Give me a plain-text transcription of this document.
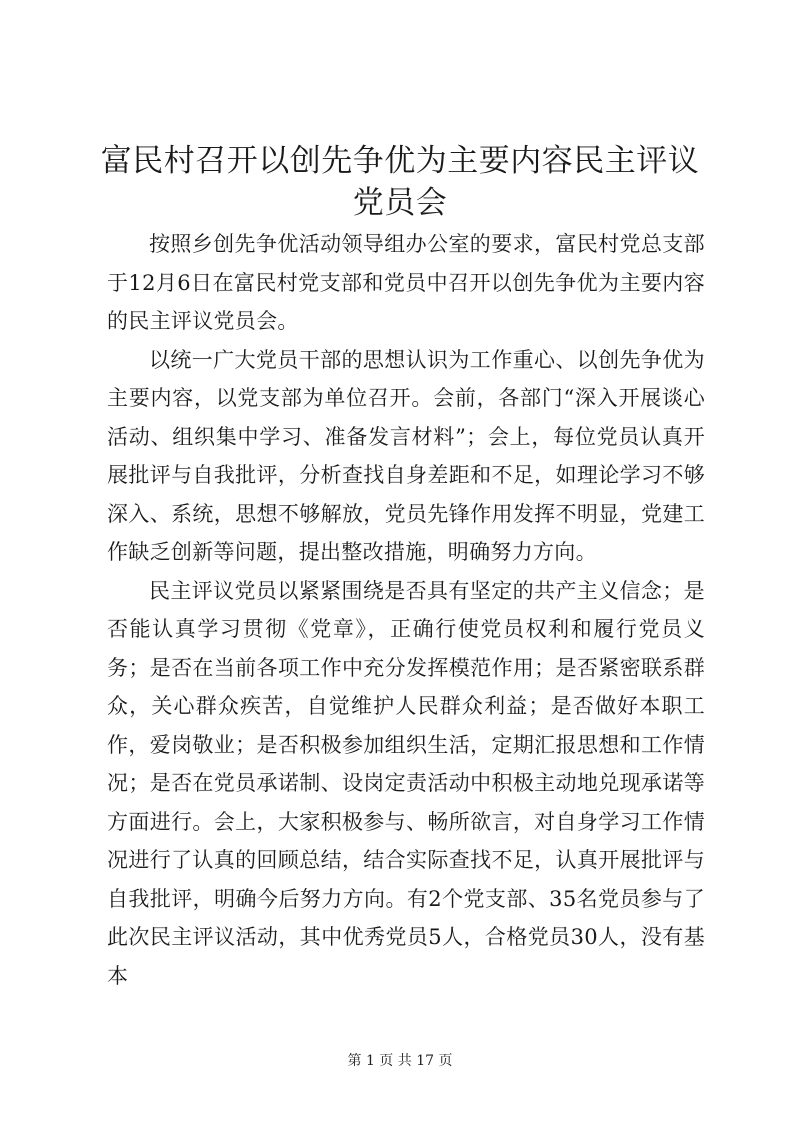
富民村召开以创先争优为主要内容民主评议党员会

按照乡创先争优活动领导组办公室的要求，富民村党总支部于12月6日在富民村党支部和党员中召开以创先争优为主要内容的民主评议党员会。

以统一广大党员干部的思想认识为工作重心、以创先争优为主要内容，以党支部为单位召开。会前，各部门“深入开展谈心活动、组织集中学习、准备发言材料”；会上，每位党员认真开展批评与自我批评，分析查找自身差距和不足，如理论学习不够深入、系统，思想不够解放，党员先锋作用发挥不明显，党建工作缺乏创新等问题，提出整改措施，明确努力方向。

民主评议党员以紧紧围绕是否具有坚定的共产主义信念；是否能认真学习贯彻《党章》，正确行使党员权利和履行党员义务；是否在当前各项工作中充分发挥模范作用；是否紧密联系群众，关心群众疾苦，自觉维护人民群众利益；是否做好本职工作，爱岗敬业；是否积极参加组织生活，定期汇报思想和工作情况；是否在党员承诺制、设岗定责活动中积极主动地兑现承诺等方面进行。会上，大家积极参与、畅所欲言，对自身学习工作情况进行了认真的回顾总结，结合实际查找不足，认真开展批评与自我批评，明确今后努力方向。有2个党支部、35名党员参与了此次民主评议活动，其中优秀党员5人，合格党员30人，没有基本

第 1 页 共 17 页
